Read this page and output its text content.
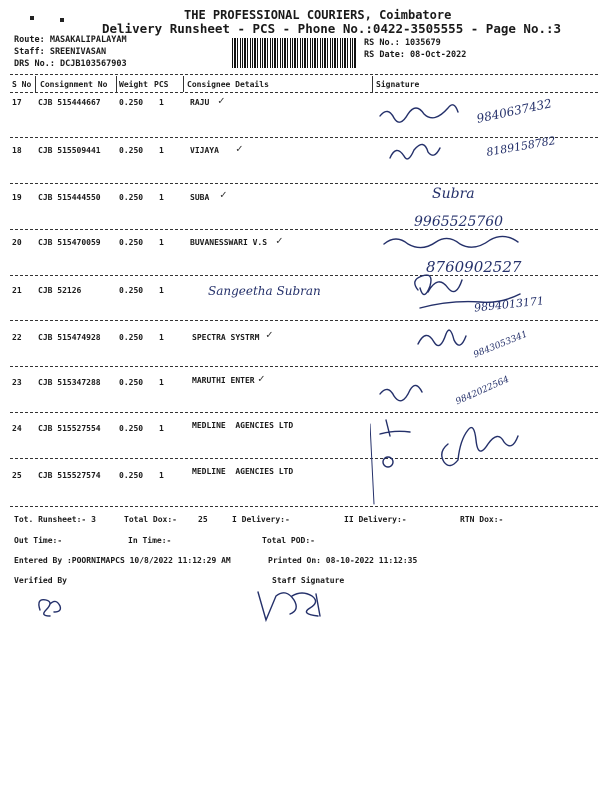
THE PROFESSIONAL COURIERS, Coimbatore
Delivery Runsheet - PCS - Phone No.:0422-3505555 - Page No.:3
Route: MASAKALIPALAYAM
Staff: SREENIVASAN
DRS No.: DCJB103567903
RS No.: 1035679
RS Date: 08-Oct-2022
S No Consignment No Weight PCS Consignee Details	Signature
17 CJB 515444667 0.250 1	RAJU
18 CJB 515509441 0.250 1	VIJAYA
19 CJB 515444550 0.250 1	SUBA
20 CJB 515470059 0.250 1	BUVANESSWARI V.S
21 CJB 52126	0.250 1	Sangeetha Subran
22 CJB 515474928 0.250 1	SPECTRA SYSTRM
23 CJB 515347288 0.250 1	MARUTHI ENTER
24 CJB 515527554 0.250 1	MEDLINE  AGENCIES LTD
25 CJB 515527574 0.250 1	MEDLINE  AGENCIES LTD
✓
✓
✓
✓
✓
✓
9840637432
8189158782
Subra
9965525760
8760902527
9894013171
9843053341
9842022564
Tot. Runsheet:- 3	Total Dox:-	25	I Delivery:-	II Delivery:-	RTN Dox:-
Out Time:-	In Time:-	Total POD:-
Entered By :POORNIMAPCS 10/8/2022 11:12:29 AM	Printed On: 08-10-2022 11:12:35
Verified By	Staff Signature
